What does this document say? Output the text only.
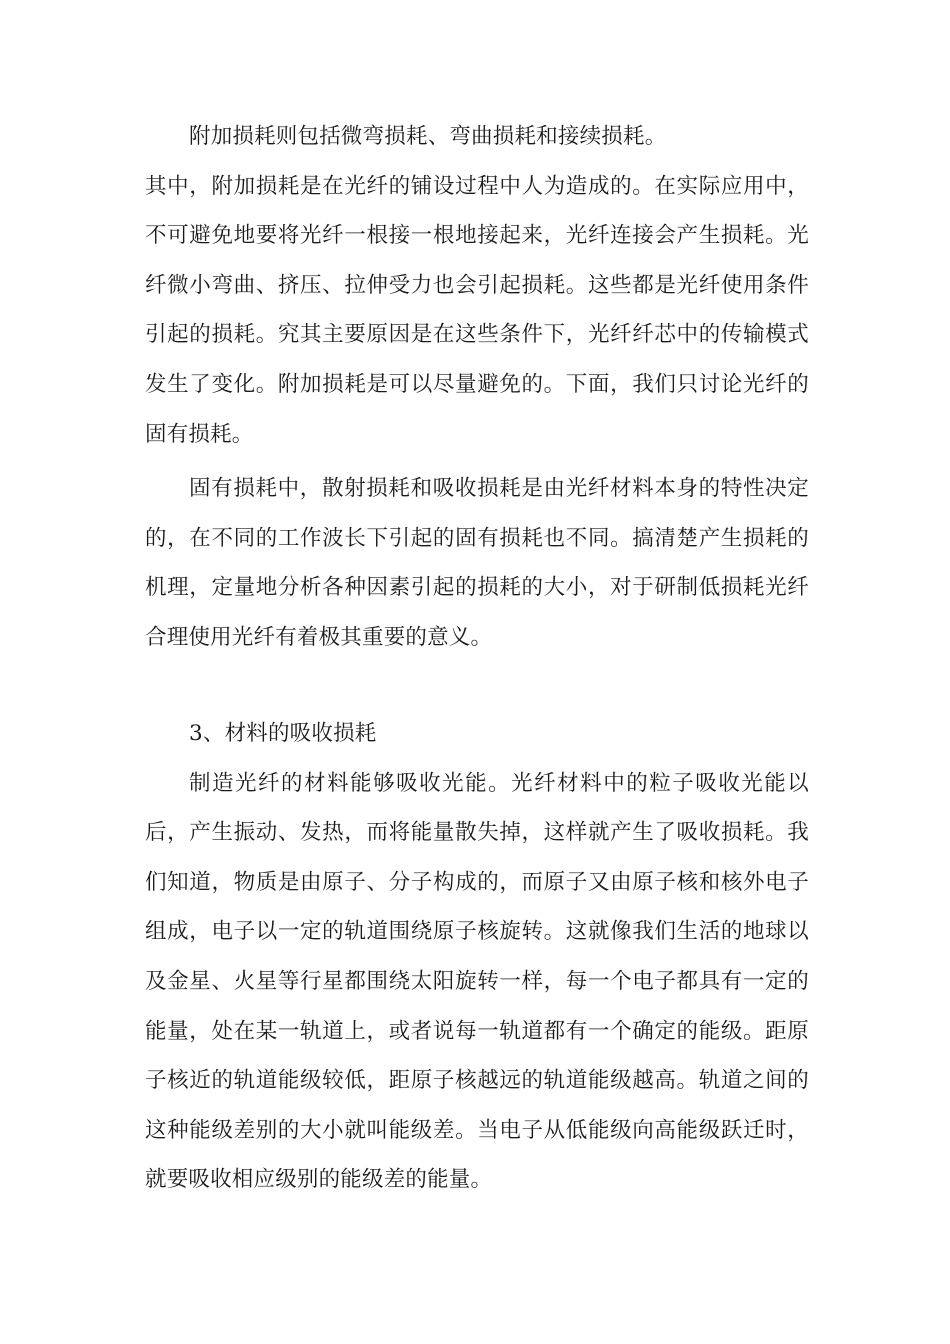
附加损耗则包括微弯损耗、弯曲损耗和接续损耗。

其中，附加损耗是在光纤的铺设过程中人为造成的。在实际应用中，不可避免地要将光纤一根接一根地接起来，光纤连接会产生损耗。光纤微小弯曲、挤压、拉伸受力也会引起损耗。这些都是光纤使用条件引起的损耗。究其主要原因是在这些条件下，光纤纤芯中的传输模式发生了变化。附加损耗是可以尽量避免的。下面，我们只讨论光纤的固有损耗。

固有损耗中，散射损耗和吸收损耗是由光纤材料本身的特性决定的，在不同的工作波长下引起的固有损耗也不同。搞清楚产生损耗的机理，定量地分析各种因素引起的损耗的大小，对于研制低损耗光纤合理使用光纤有着极其重要的意义。

3、材料的吸收损耗

制造光纤的材料能够吸收光能。光纤材料中的粒子吸收光能以后，产生振动、发热，而将能量散失掉，这样就产生了吸收损耗。我们知道，物质是由原子、分子构成的，而原子又由原子核和核外电子组成，电子以一定的轨道围绕原子核旋转。这就像我们生活的地球以及金星、火星等行星都围绕太阳旋转一样，每一个电子都具有一定的能量，处在某一轨道上，或者说每一轨道都有一个确定的能级。距原子核近的轨道能级较低，距原子核越远的轨道能级越高。轨道之间的这种能级差别的大小就叫能级差。当电子从低能级向高能级跃迁时，就要吸收相应级别的能级差的能量。
